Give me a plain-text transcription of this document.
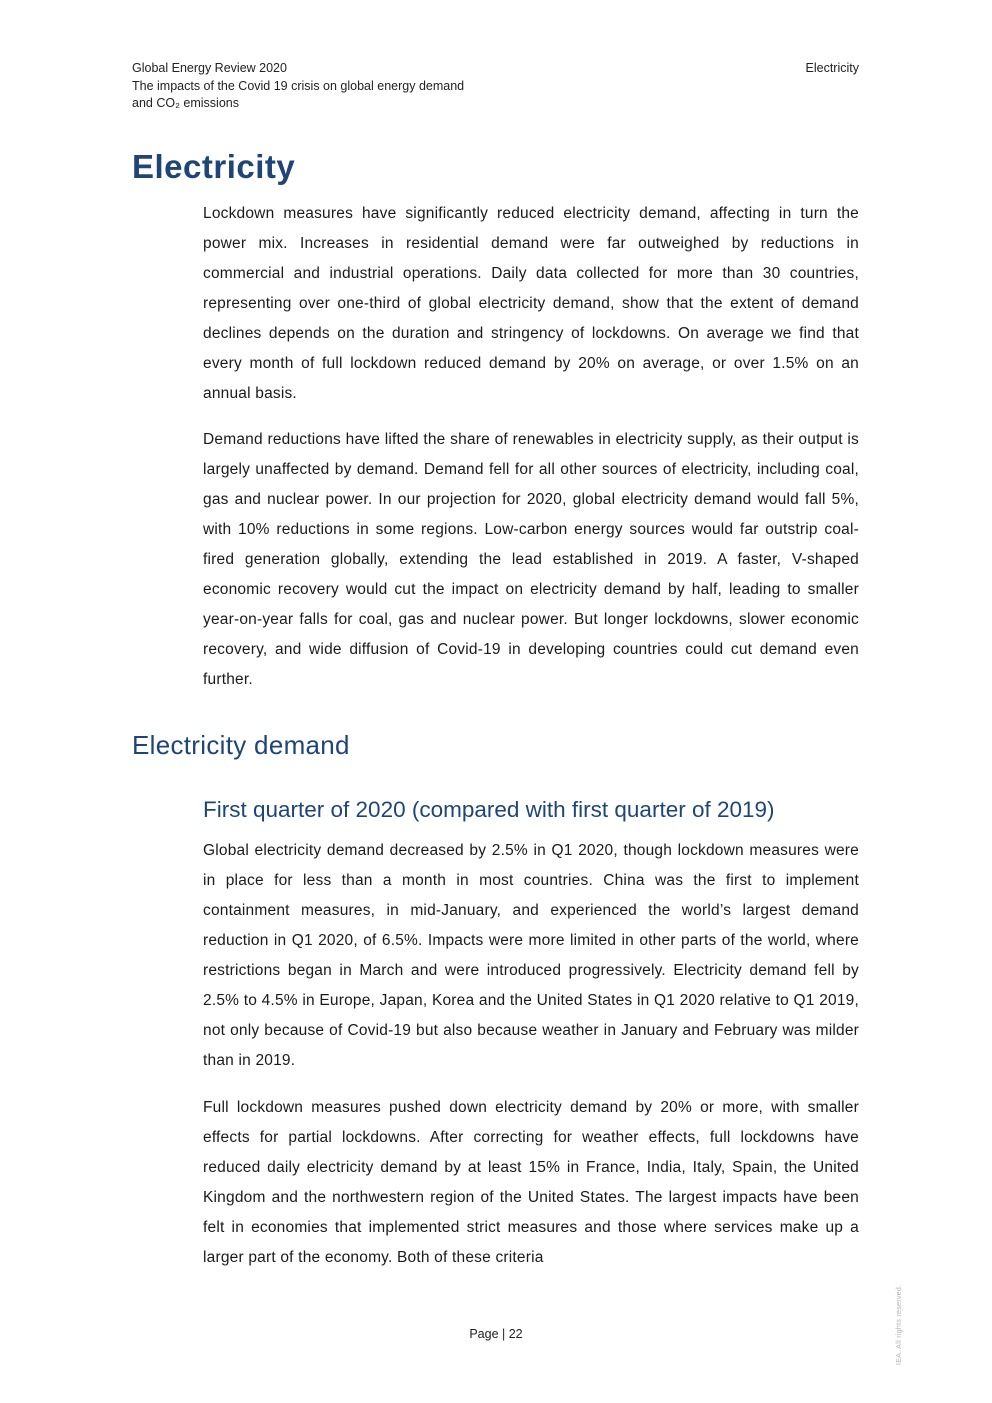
Global Energy Review 2020
The impacts of the Covid 19 crisis on global energy demand
and CO₂ emissions
Electricity
Electricity

Lockdown measures have significantly reduced electricity demand, affecting in turn the power mix. Increases in residential demand were far outweighed by reductions in commercial and industrial operations. Daily data collected for more than 30 countries, representing over one-third of global electricity demand, show that the extent of demand declines depends on the duration and stringency of lockdowns. On average we find that every month of full lockdown reduced demand by 20% on average, or over 1.5% on an annual basis.

Demand reductions have lifted the share of renewables in electricity supply, as their output is largely unaffected by demand. Demand fell for all other sources of electricity, including coal, gas and nuclear power. In our projection for 2020, global electricity demand would fall 5%, with 10% reductions in some regions. Low-carbon energy sources would far outstrip coal-fired generation globally, extending the lead established in 2019. A faster, V-shaped economic recovery would cut the impact on electricity demand by half, leading to smaller year-on-year falls for coal, gas and nuclear power. But longer lockdowns, slower economic recovery, and wide diffusion of Covid-19 in developing countries could cut demand even further.

Electricity demand
First quarter of 2020 (compared with first quarter of 2019)

Global electricity demand decreased by 2.5% in Q1 2020, though lockdown measures were in place for less than a month in most countries. China was the first to implement containment measures, in mid-January, and experienced the world’s largest demand reduction in Q1 2020, of 6.5%. Impacts were more limited in other parts of the world, where restrictions began in March and were introduced progressively. Electricity demand fell by 2.5% to 4.5% in Europe, Japan, Korea and the United States in Q1 2020 relative to Q1 2019, not only because of Covid-19 but also because weather in January and February was milder than in 2019.

Full lockdown measures pushed down electricity demand by 20% or more, with smaller effects for partial lockdowns. After correcting for weather effects, full lockdowns have reduced daily electricity demand by at least 15% in France, India, Italy, Spain, the United Kingdom and the northwestern region of the United States. The largest impacts have been felt in economies that implemented strict measures and those where services make up a larger part of the economy. Both of these criteria

Page | 22	IEA. All rights reserved.
